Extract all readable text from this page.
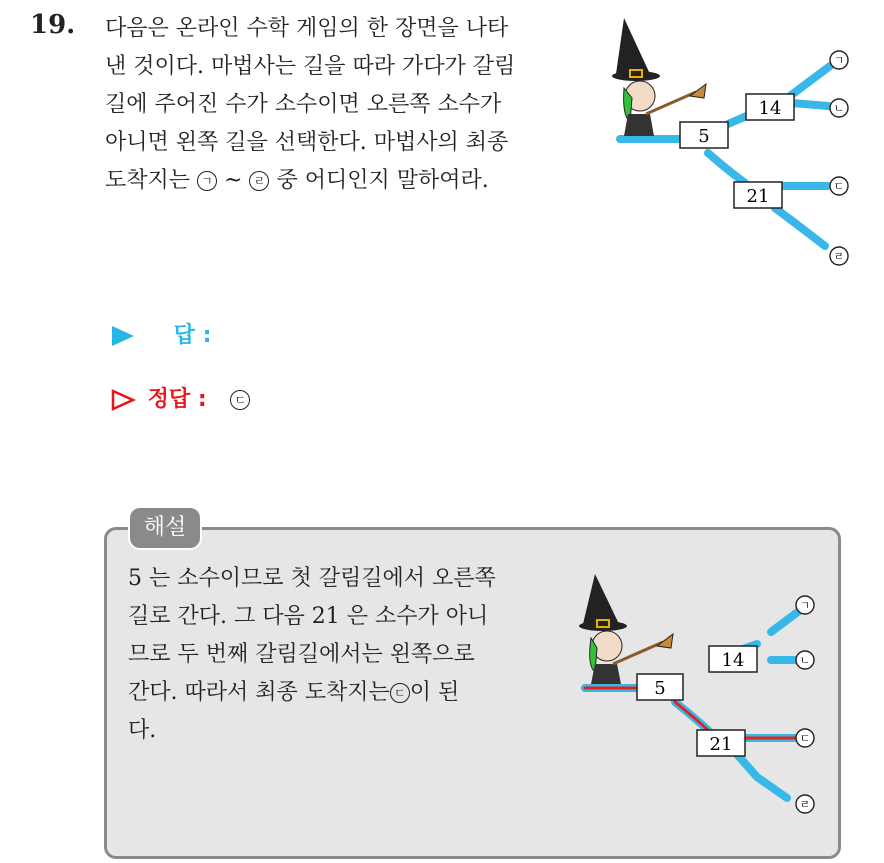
19. 다음은 온라인 수학 게임의 한 장면을 나타
낸 것이다. 마법사는 길을 따라 가다가 갈림
길에 주어진 수가 소수이면 오른쪽 소수가
아니면 왼쪽 길을 선택한다. 마법사의 최종
도착지는 ㄱ ~ ㄹ 중 어디인지 말하여라.
5
14
21
ㄱ
ㄴ
ㄷ
ㄹ
답 :
정답 : ㄷ
해설
5 는 소수이므로 첫 갈림길에서 오른쪽
길로 간다. 그 다음 21 은 소수가 아니
므로 두 번째 갈림길에서는 왼쪽으로
간다. 따라서 최종 도착지는 ㄷ 이 된
다.
5
14
21
ㄱ
ㄴ
ㄷ
ㄹ
